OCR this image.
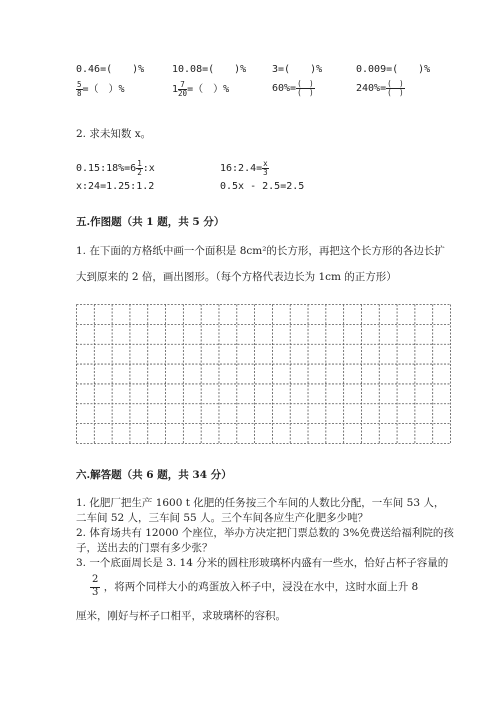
0.46=(　　)%	10.08=(　　)%	3=(　　)%	0.009=(　　)%
$\frac{5}{8}$ =（　）%	$1 \frac{7}{20}$ =（　）%	$60\%= \frac{( )}{( )}$	$240\%= \frac{( )}{( )}$
2. 求未知数 x。
0.15:18%=6 $\frac{1}{2}$ :x	16:2.4= $\frac{x}{3}$
x:24=1.25:1.2	0.5x - 2.5=2.5
五.作图题（共 1 题，共 5 分）
1. 在下面的方格纸中画一个面积是 8cm²的长方形，再把这个长方形的各边长扩
大到原来的 2 倍，画出图形。（每个方格代表边长为 1cm 的正方形）
六.解答题（共 6 题，共 34 分）
1. 化肥厂把生产 1600 t 化肥的任务按三个车间的人数比分配，一车间 53 人，
二车间 52 人，三车间 55 人。三个车间各应生产化肥多少吨？
2. 体育场共有 12000 个座位，举办方决定把门票总数的 3%免费送给福利院的孩
子，送出去的门票有多少张？
3. 一个底面周长是 3. 14 分米的圆柱形玻璃杯内盛有一些水，恰好占杯子容量的
$\frac{2}{3}$ ，将两个同样大小的鸡蛋放入杯子中，浸没在水中，这时水面上升 8
厘米，刚好与杯子口相平，求玻璃杯的容积。
